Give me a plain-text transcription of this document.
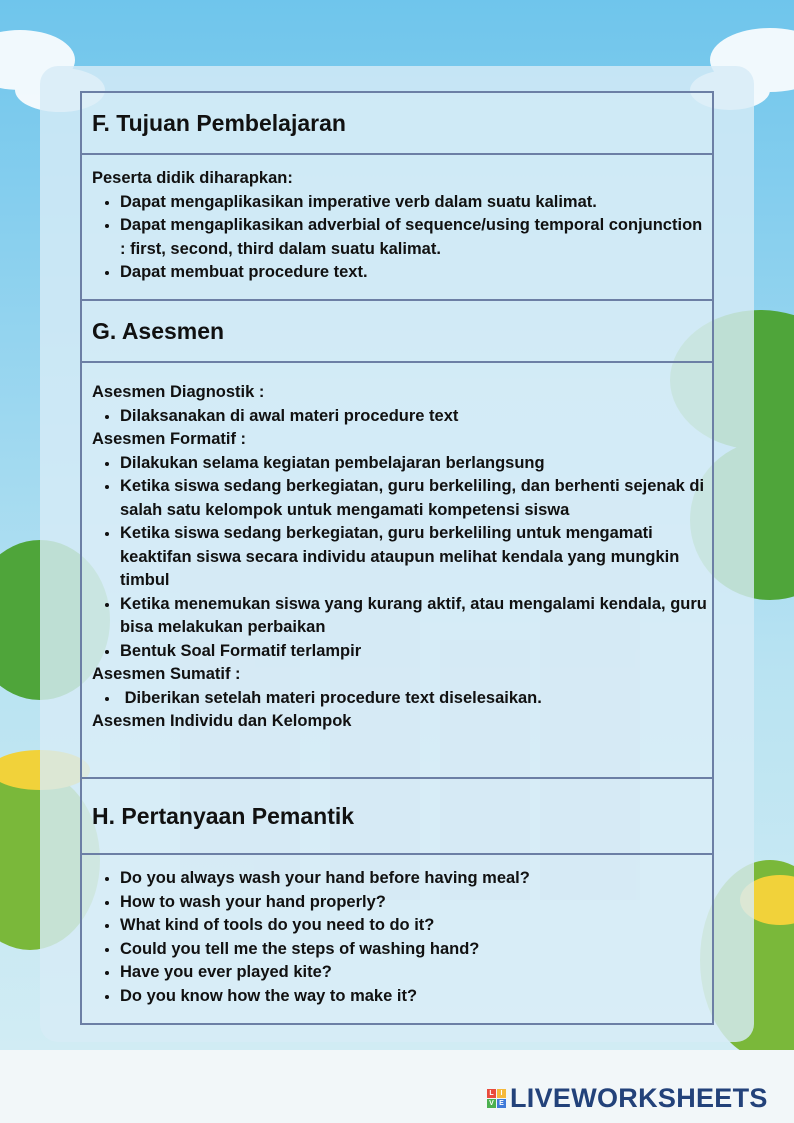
F. Tujuan Pembelajaran
Peserta didik diharapkan:
• Dapat mengaplikasikan imperative verb dalam suatu kalimat.
• Dapat mengaplikasikan adverbial of sequence/using temporal conjunction : first, second, third dalam suatu kalimat.
• Dapat membuat procedure text.
G. Asesmen
Asesmen Diagnostik :
• Dilaksanakan di awal materi procedure text
Asesmen Formatif :
• Dilakukan selama kegiatan pembelajaran berlangsung
• Ketika siswa sedang berkegiatan, guru berkeliling, dan berhenti sejenak di salah satu kelompok untuk mengamati kompetensi siswa
• Ketika siswa sedang berkegiatan, guru berkeliling untuk mengamati keaktifan siswa secara individu ataupun melihat kendala yang mungkin timbul
• Ketika menemukan siswa yang kurang aktif, atau mengalami kendala, guru bisa melakukan perbaikan
• Bentuk Soal Formatif terlampir
Asesmen Sumatif :
•  Diberikan setelah materi procedure text diselesaikan.
Asesmen Individu dan Kelompok
H. Pertanyaan Pemantik
• Do you always wash your hand before having meal?
• How to wash your hand properly?
• What kind of tools do you need to do it?
• Could you tell me the steps of washing hand?
• Have you ever played kite?
• Do you know how the way to make it?
L I
V E LIVEWORKSHEETS
